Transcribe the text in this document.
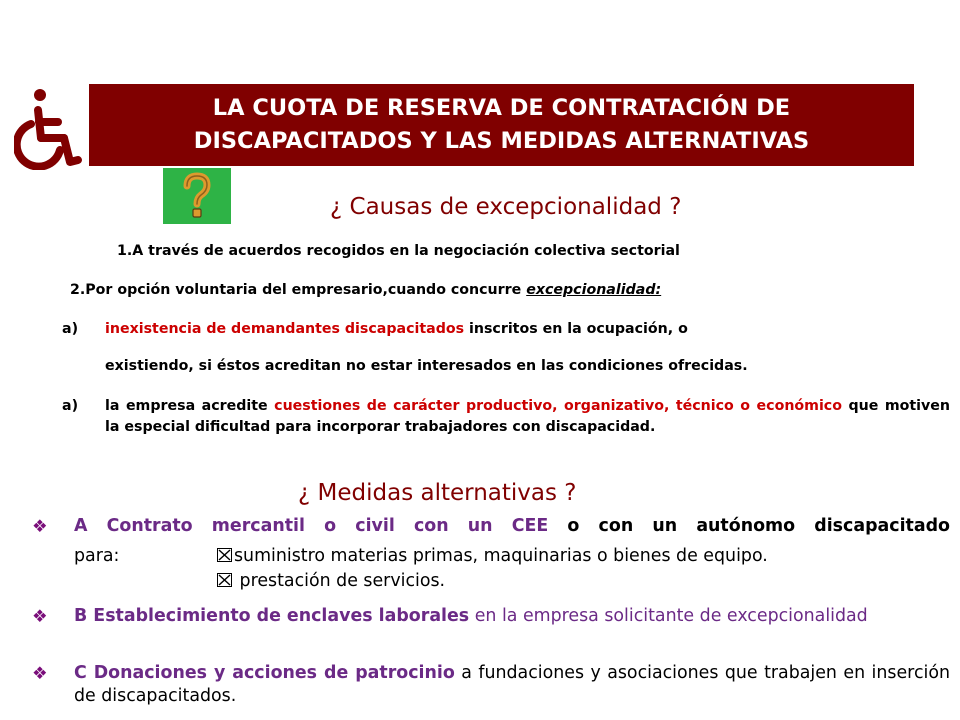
LA CUOTA DE RESERVA DE CONTRATACIÓN DE
DISCAPACITADOS Y LAS MEDIDAS ALTERNATIVAS
¿ Causas de excepcionalidad ?
1.A través de acuerdos recogidos en la negociación colectiva sectorial
2.Por opción voluntaria del empresario,cuando concurre excepcionalidad:
a) inexistencia de demandantes discapacitados inscritos en la ocupación, o
existiendo, si éstos acreditan no estar interesados en las condiciones ofrecidas.
a) la empresa acredite cuestiones de carácter productivo, organizativo, técnico o económico que motiven la especial dificultad para incorporar trabajadores con discapacidad.
¿ Medidas alternativas ?
❖ A Contrato mercantil o civil con un CEE o con un autónomo discapacitado
para:	suministro materias primas, maquinarias o bienes de equipo.
prestación de servicios.
❖ B Establecimiento de enclaves laborales en la empresa solicitante de excepcionalidad
❖ C Donaciones y acciones de patrocinio a fundaciones y asociaciones que trabajen en inserción de discapacitados.
